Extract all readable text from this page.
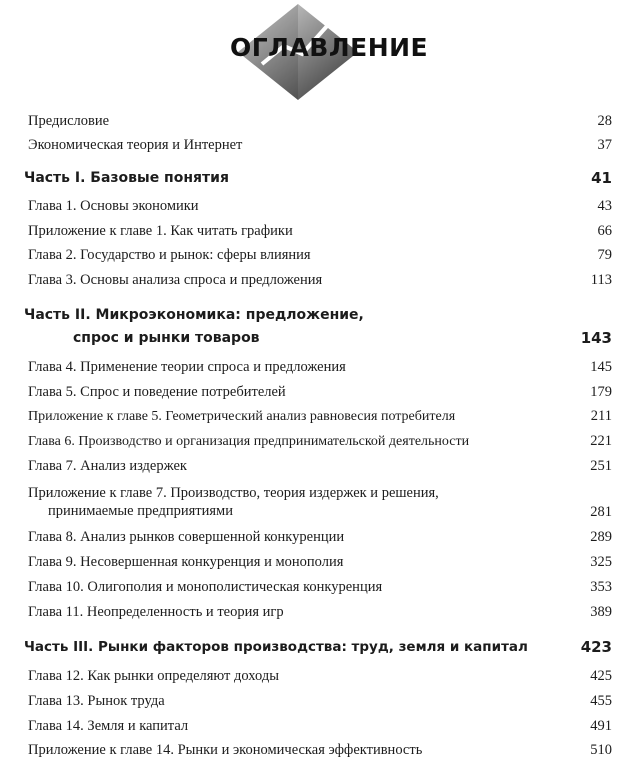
ОГЛАВЛЕНИЕ
Предисловие	28
Экономическая теория и Интернет	37
Часть I. Базовые понятия	41
Глава 1. Основы экономики	43
Приложение к главе 1. Как читать графики	66
Глава 2. Государство и рынок: сферы влияния	79
Глава 3. Основы анализа спроса и предложения	113
Часть II. Микроэкономика: предложение,
спрос и рынки товаров	143
Глава 4. Применение теории спроса и предложения	145
Глава 5. Спрос и поведение потребителей	179
Приложение к главе 5. Геометрический анализ равновесия потребителя	211
Глава 6. Производство и организация предпринимательской деятельности	221
Глава 7. Анализ издержек	251
Приложение к главе 7. Производство, теория издержек и решения,
принимаемые предприятиями	281
Глава 8. Анализ рынков совершенной конкуренции	289
Глава 9. Несовершенная конкуренция и монополия	325
Глава 10. Олигополия и монополистическая конкуренция	353
Глава 11. Неопределенность и теория игр	389
Часть III. Рынки факторов производства: труд, земля и капитал	423
Глава 12. Как рынки определяют доходы	425
Глава 13. Рынок труда	455
Глава 14. Земля и капитал	491
Приложение к главе 14. Рынки и экономическая эффективность	510
